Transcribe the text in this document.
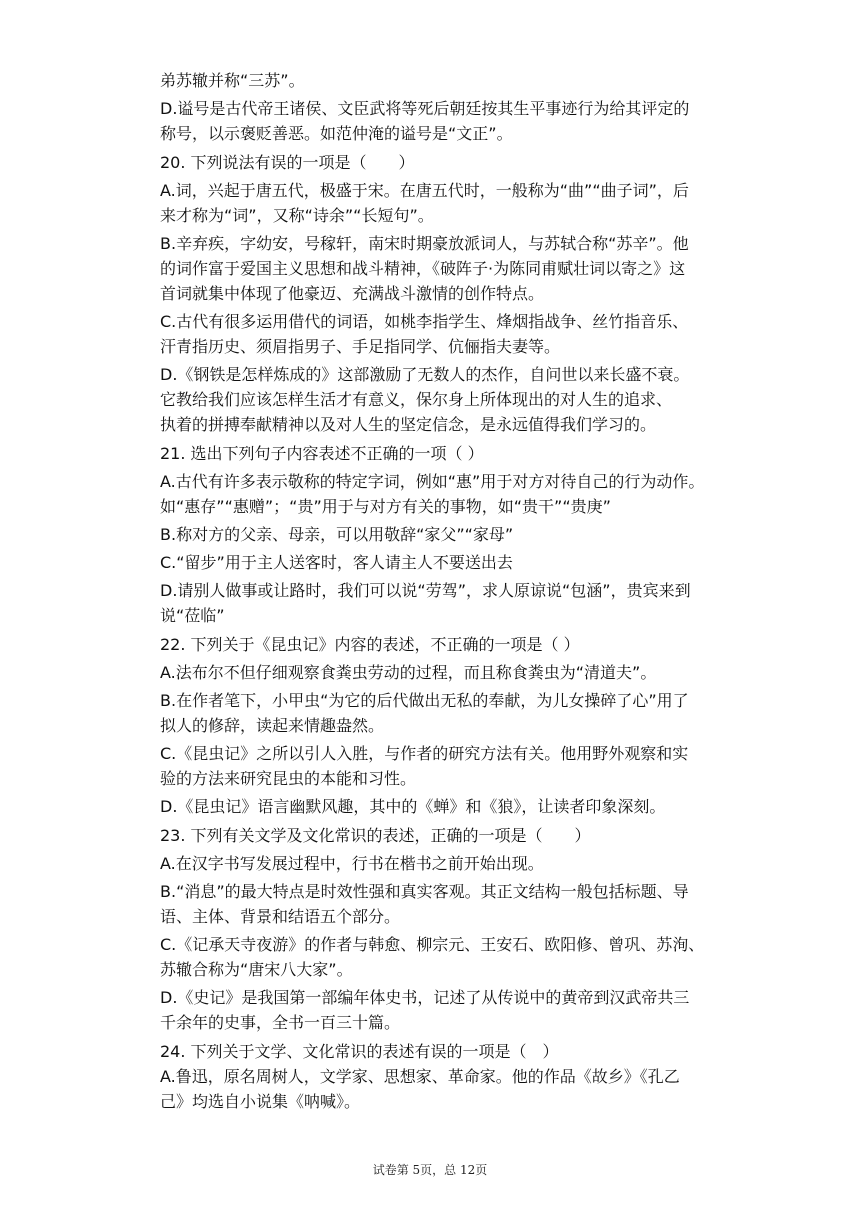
弟苏辙并称“三苏”。
D.谥号是古代帝王诸侯、文臣武将等死后朝廷按其生平事迹行为给其评定的
称号，以示褒贬善恶。如范仲淹的谥号是“文正”。
20. 下列说法有误的一项是（　　）
A.词，兴起于唐五代，极盛于宋。在唐五代时，一般称为“曲”“曲子词”，后
来才称为“词”，又称“诗余”“长短句”。
B.辛弃疾，字幼安，号稼轩，南宋时期豪放派词人，与苏轼合称“苏辛”。他
的词作富于爱国主义思想和战斗精神，《破阵子·为陈同甫赋壮词以寄之》这
首词就集中体现了他豪迈、充满战斗激情的创作特点。
C.古代有很多运用借代的词语，如桃李指学生、烽烟指战争、丝竹指音乐、
汗青指历史、须眉指男子、手足指同学、伉俪指夫妻等。
D.《钢铁是怎样炼成的》这部激励了无数人的杰作，自问世以来长盛不衰。
它教给我们应该怎样生活才有意义，保尔身上所体现出的对人生的追求、
执着的拼搏奉献精神以及对人生的坚定信念，是永远值得我们学习的。
21. 选出下列句子内容表述不正确的一项（ ）
A.古代有许多表示敬称的特定字词，例如“惠”用于对方对待自己的行为动作。
如“惠存”“惠赠”；“贵”用于与对方有关的事物，如“贵干”“贵庚”
B.称对方的父亲、母亲，可以用敬辞“家父”“家母”
C.“留步”用于主人送客时，客人请主人不要送出去
D.请别人做事或让路时，我们可以说“劳驾”，求人原谅说“包涵”，贵宾来到
说“莅临”
22. 下列关于《昆虫记》内容的表述，不正确的一项是（ ）
A.法布尔不但仔细观察食粪虫劳动的过程，而且称食粪虫为“清道夫”。
B.在作者笔下，小甲虫“为它的后代做出无私的奉献，为儿女操碎了心”用了
拟人的修辞，读起来情趣盎然。
C.《昆虫记》之所以引人入胜，与作者的研究方法有关。他用野外观察和实
验的方法来研究昆虫的本能和习性。
D.《昆虫记》语言幽默风趣，其中的《蝉》和《狼》，让读者印象深刻。
23. 下列有关文学及文化常识的表述，正确的一项是（　　）
A.在汉字书写发展过程中，行书在楷书之前开始出现。
B.“消息”的最大特点是时效性强和真实客观。其正文结构一般包括标题、导
语、主体、背景和结语五个部分。
C.《记承天寺夜游》的作者与韩愈、柳宗元、王安石、欧阳修、曾巩、苏洵、
苏辙合称为“唐宋八大家”。
D.《史记》是我国第一部编年体史书，记述了从传说中的黄帝到汉武帝共三
千余年的史事，全书一百三十篇。
24. 下列关于文学、文化常识的表述有误的一项是（　）
A.鲁迅，原名周树人，文学家、思想家、革命家。他的作品《故乡》《孔乙
己》均选自小说集《呐喊》。
试卷第 5页，总 12页
